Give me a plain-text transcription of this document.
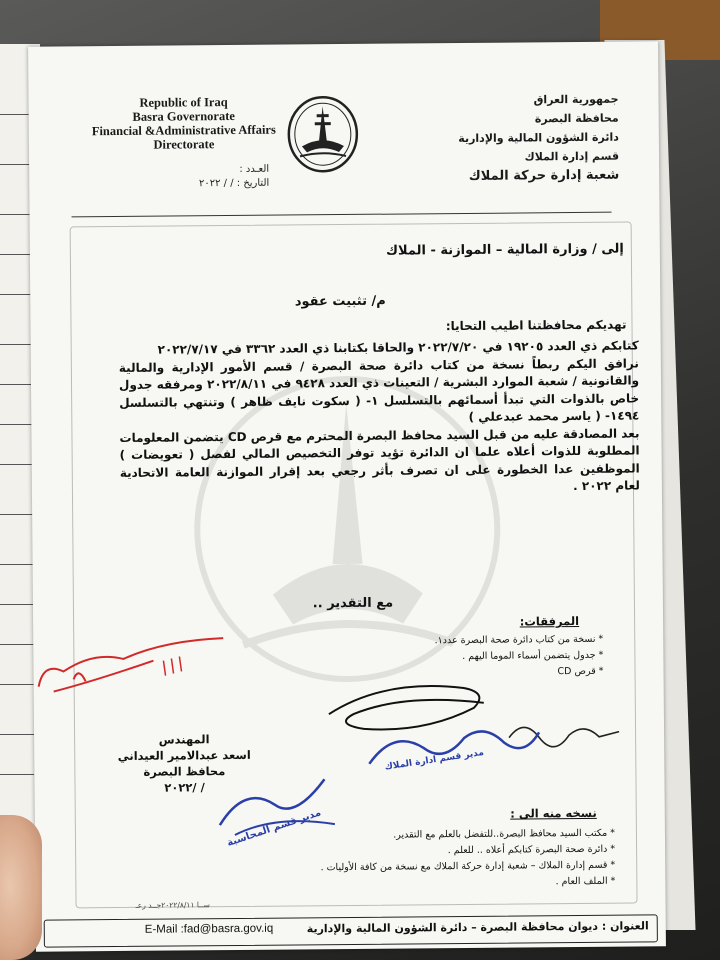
Republic of Iraq
Basra Governorate
Financial &Administrative Affairs
Directorate
جمهورية العراق
محافظة البصرة
دائرة الشؤون المالية والإدارية
قسم إدارة الملاك
شعبة إدارة حركة الملاك
العـدد :
التاريخ : / / ٢٠٢٢
إلى / وزارة المالية – الموازنة - الملاك
م/ تثبيت عقود
تهديكم محافظتنا اطيب التحايا:

كتابكم ذي العدد ١٩٢٠٥ في ٢٠٢٢/٧/٢٠ والحاقا بكتابنا ذي العدد ٣٣٦٢ في ٢٠٢٢/٧/١٧

نرافق اليكم ربطاً نسخة من كتاب دائرة صحة البصرة / قسم الأمور الإدارية والمالية والقانونية / شعبة الموارد البشرية / التعينات ذي العدد ٩٤٢٨ في ٢٠٢٢/٨/١١ ومرفقه جدول خاص بالذوات التي تبدأ أسمائهم بالتسلسل ١- ( سكوت نايف ظاهر ) وتنتهي بالتسلسل ١٤٩٤- ( ياسر محمد عبدعلي )

بعد المصادقة عليه من قبل السيد محافظ البصرة المحترم مع قرص CD يتضمن المعلومات المطلوبة للذوات أعلاه علما ان الدائرة تؤيد توفر التخصيص المالي لفصل ( تعويضات ) الموظفين عدا الخطورة على ان تصرف بأثر رجعي بعد إقرار الموازنة العامة الاتحادية لعام ٢٠٢٢ .

مع التقدير ..
المرفقات:
* نسخة من كتاب دائرة صحة البصرة عدد١.
* جدول يتضمن أسماء الموما اليهم .
* قرص CD
المهندس
اسعد عبدالامير العيداني
محافظ البصرة
/ /٢٠٢٢
مدير قسم ادارة الملاك
مدير قسم المحاسبة	نسخه منه الى :
* مكتب السيد محافظ البصرة..للتفضل بالعلم مع التقدير.
* دائرة صحة البصرة كتابكم أعلاه .. للعلم .
* قسم إدارة الملاك – شعبة إدارة حركة الملاك مع نسخة من كافة الأوليات .
* الملف العام .
ســا ٢٠٢٢/٨/١١جــد رعـ
العنوان : ديوان محافظة البصرة – دائرة الشؤون المالية والإدارية
E-Mail :fad@basra.gov.iq
